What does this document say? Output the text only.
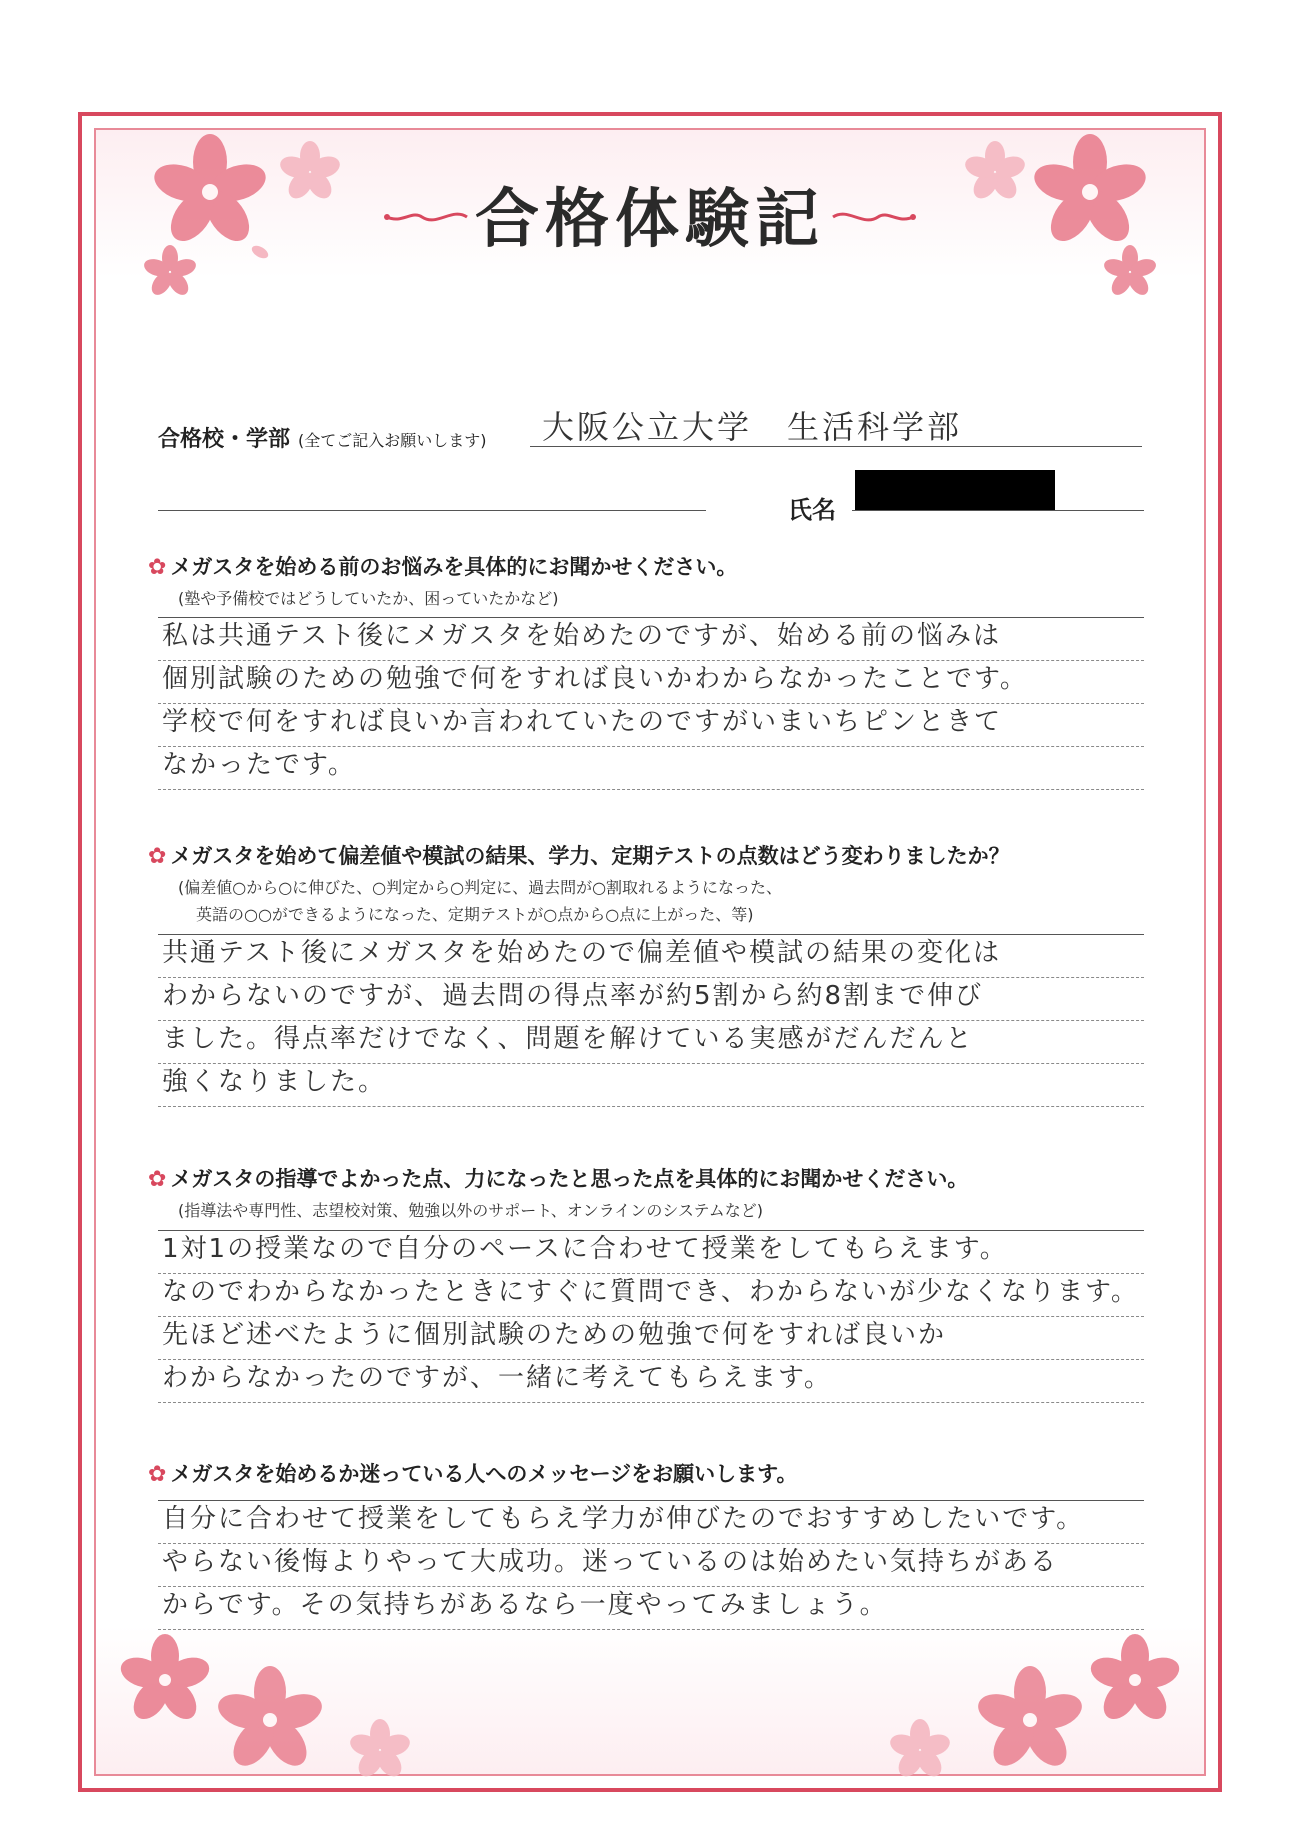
合格体験記
合格校・学部 (全てご記入お願いします) 大阪公立大学　生活科学部
氏名
✿ メガスタを始める前のお悩みを具体的にお聞かせください。
(塾や予備校ではどうしていたか、困っていたかなど)
私は共通テスト後にメガスタを始めたのですが、始める前の悩みは
個別試験のための勉強で何をすれば良いかわからなかったことです。
学校で何をすれば良いか言われていたのですがいまいちピンときて
なかったです。
✿ メガスタを始めて偏差値や模試の結果、学力、定期テストの点数はどう変わりましたか？
(偏差値○から○に伸びた、○判定から○判定に、過去問が○割取れるようになった、
英語の○○ができるようになった、定期テストが○点から○点に上がった、等)
共通テスト後にメガスタを始めたので偏差値や模試の結果の変化は
わからないのですが、過去問の得点率が約5割から約8割まで伸び
ました。得点率だけでなく、問題を解けている実感がだんだんと
強くなりました。
✿ メガスタの指導でよかった点、力になったと思った点を具体的にお聞かせください。
(指導法や専門性、志望校対策、勉強以外のサポート、オンラインのシステムなど)
1対1の授業なので自分のペースに合わせて授業をしてもらえます。
なのでわからなかったときにすぐに質問でき、わからないが少なくなります。
先ほど述べたように個別試験のための勉強で何をすれば良いか
わからなかったのですが、一緒に考えてもらえます。
✿ メガスタを始めるか迷っている人へのメッセージをお願いします。
自分に合わせて授業をしてもらえ学力が伸びたのでおすすめしたいです。
やらない後悔よりやって大成功。迷っているのは始めたい気持ちがある
からです。その気持ちがあるなら一度やってみましょう。
